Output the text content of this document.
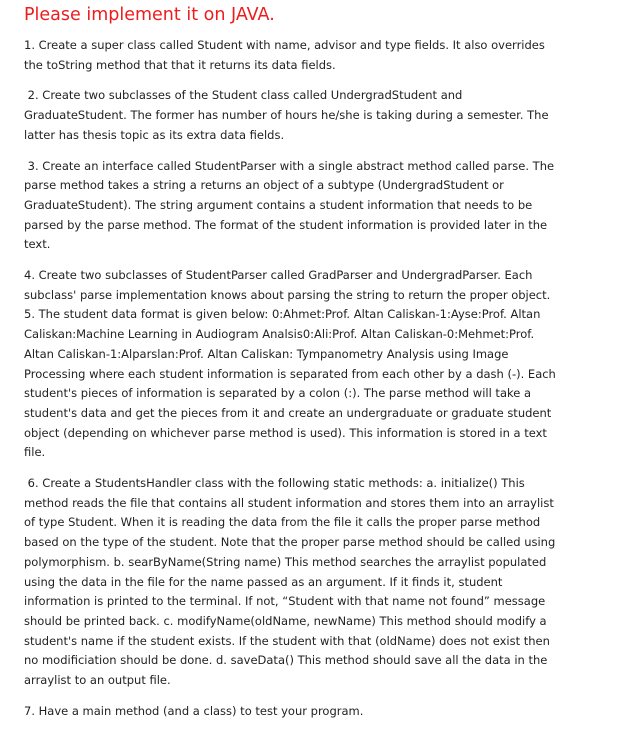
Please implement it on JAVA.
1. Create a super class called Student with name, advisor and type fields. It also overrides
the toString method that that it returns its data fields.
2. Create two subclasses of the Student class called UndergradStudent and
GraduateStudent. The former has number of hours he/she is taking during a semester. The
latter has thesis topic as its extra data fields.
3. Create an interface called StudentParser with a single abstract method called parse. The
parse method takes a string a returns an object of a subtype (UndergradStudent or
GraduateStudent). The string argument contains a student information that needs to be
parsed by the parse method. The format of the student information is provided later in the
text.
4. Create two subclasses of StudentParser called GradParser and UndergradParser. Each
subclass' parse implementation knows about parsing the string to return the proper object.
5. The student data format is given below: 0:Ahmet:Prof. Altan Caliskan-1:Ayse:Prof. Altan
Caliskan:Machine Learning in Audiogram Analsis0:Ali:Prof. Altan Caliskan-0:Mehmet:Prof.
Altan Caliskan-1:Alparslan:Prof. Altan Caliskan: Tympanometry Analysis using Image
Processing where each student information is separated from each other by a dash (-). Each
student's pieces of information is separated by a colon (:). The parse method will take a
student's data and get the pieces from it and create an undergraduate or graduate student
object (depending on whichever parse method is used). This information is stored in a text
file.
6. Create a StudentsHandler class with the following static methods: a. initialize() This
method reads the file that contains all student information and stores them into an arraylist
of type Student. When it is reading the data from the file it calls the proper parse method
based on the type of the student. Note that the proper parse method should be called using
polymorphism. b. searByName(String name) This method searches the arraylist populated
using the data in the file for the name passed as an argument. If it finds it, student
information is printed to the terminal. If not, “Student with that name not found” message
should be printed back. c. modifyName(oldName, newName) This method should modify a
student's name if the student exists. If the student with that (oldName) does not exist then
no modificiation should be done. d. saveData() This method should save all the data in the
arraylist to an output file.
7. Have a main method (and a class) to test your program.
